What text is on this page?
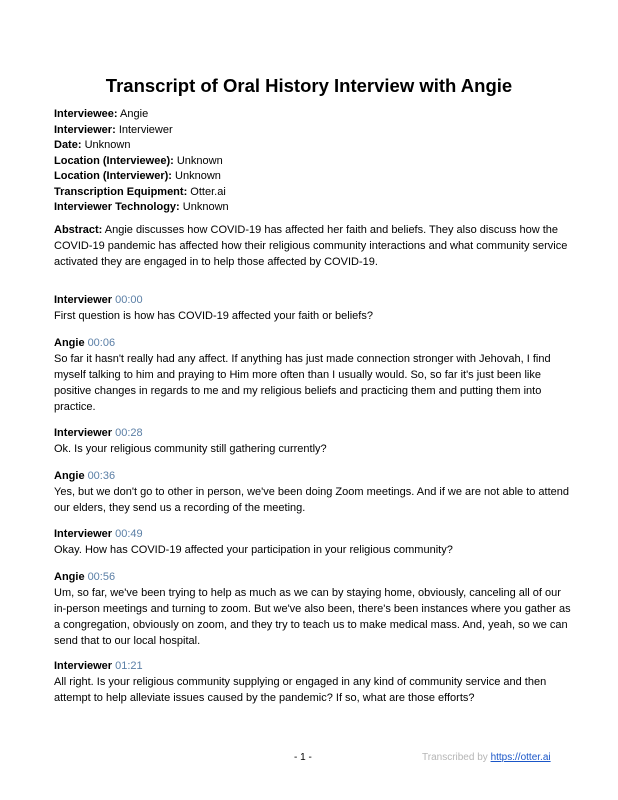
Transcript of Oral History Interview with Angie
Interviewee: Angie
Interviewer: Interviewer
Date: Unknown
Location (Interviewee): Unknown
Location (Interviewer): Unknown
Transcription Equipment: Otter.ai
Interviewer Technology: Unknown

Abstract: Angie discusses how COVID-19 has affected her faith and beliefs. They also discuss how the COVID-19 pandemic has affected how their religious community interactions and what community service activated they are engaged in to help those affected by COVID-19.

Interviewer 00:00
First question is how has COVID-19 affected your faith or beliefs?
Angie 00:06
So far it hasn't really had any affect. If anything has just made connection stronger with Jehovah, I find myself talking to him and praying to Him more often than I usually would. So, so far it's just been like positive changes in regards to me and my religious beliefs and practicing them and putting them into practice.
Interviewer 00:28
Ok. Is your religious community still gathering currently?
Angie 00:36
Yes, but we don't go to other in person, we've been doing Zoom meetings. And if we are not able to attend our elders, they send us a recording of the meeting.
Interviewer 00:49
Okay. How has COVID-19 affected your participation in your religious community?
Angie 00:56
Um, so far, we've been trying to help as much as we can by staying home, obviously, canceling all of our in-person meetings and turning to zoom. But we've also been, there's been instances where you gather as a congregation, obviously on zoom, and they try to teach us to make medical mass. And, yeah, so we can send that to our local hospital.
Interviewer 01:21
All right. Is your religious community supplying or engaged in any kind of community service and then attempt to help alleviate issues caused by the pandemic? If so, what are those efforts?
- 1 -	Transcribed by https://otter.ai
